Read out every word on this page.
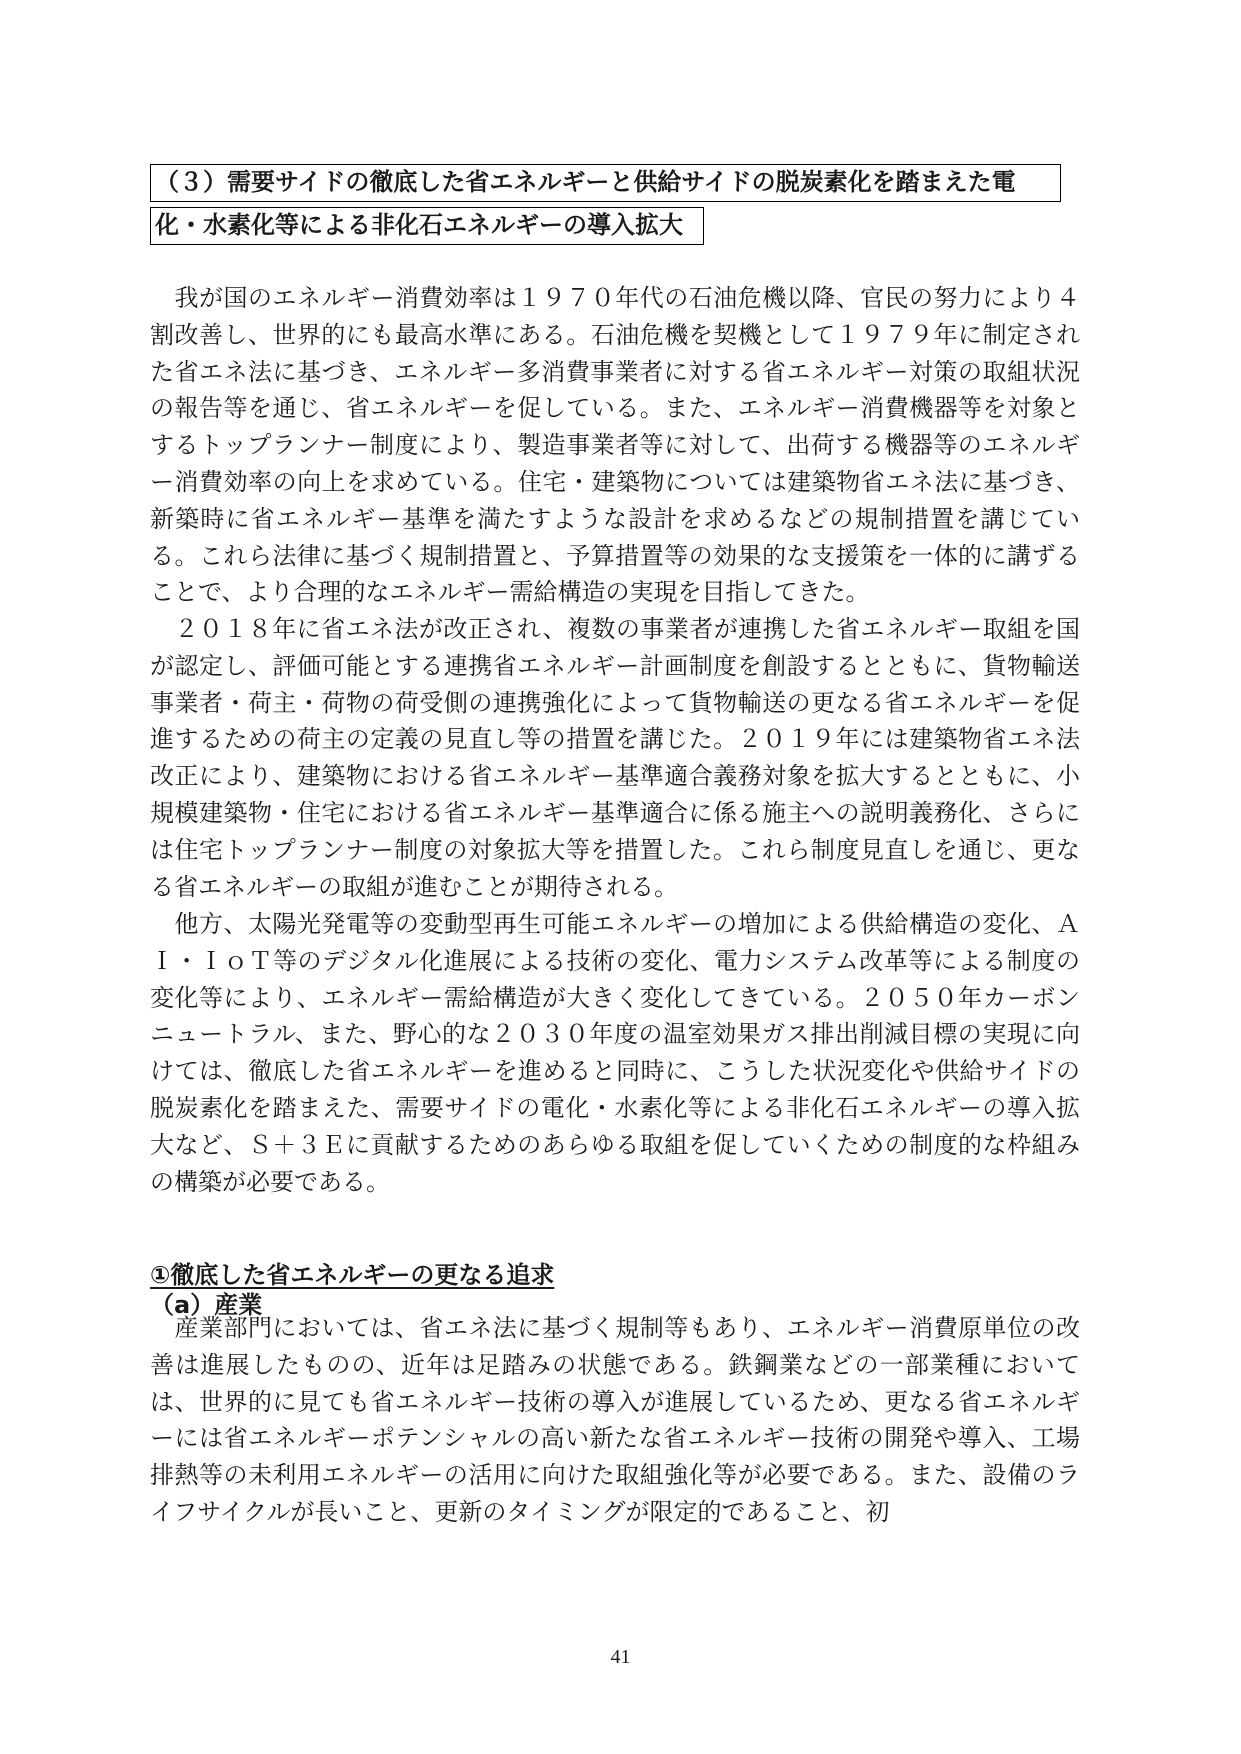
（３）需要サイドの徹底した省エネルギーと供給サイドの脱炭素化を踏まえた電
化・水素化等による非化石エネルギーの導入拡大

我が国のエネルギー消費効率は１９７０年代の石油危機以降、官民の努力により４割改善し、世界的にも最高水準にある。石油危機を契機として１９７９年に制定された省エネ法に基づき、エネルギー多消費事業者に対する省エネルギー対策の取組状況の報告等を通じ、省エネルギーを促している。また、エネルギー消費機器等を対象とするトップランナー制度により、製造事業者等に対して、出荷する機器等のエネルギー消費効率の向上を求めている。住宅・建築物については建築物省エネ法に基づき、新築時に省エネルギー基準を満たすような設計を求めるなどの規制措置を講じている。これら法律に基づく規制措置と、予算措置等の効果的な支援策を一体的に講ずることで、より合理的なエネルギー需給構造の実現を目指してきた。

２０１８年に省エネ法が改正され、複数の事業者が連携した省エネルギー取組を国が認定し、評価可能とする連携省エネルギー計画制度を創設するとともに、貨物輸送事業者・荷主・荷物の荷受側の連携強化によって貨物輸送の更なる省エネルギーを促進するための荷主の定義の見直し等の措置を講じた。２０１９年には建築物省エネ法改正により、建築物における省エネルギー基準適合義務対象を拡大するとともに、小規模建築物・住宅における省エネルギー基準適合に係る施主への説明義務化、さらには住宅トップランナー制度の対象拡大等を措置した。これら制度見直しを通じ、更なる省エネルギーの取組が進むことが期待される。

他方、太陽光発電等の変動型再生可能エネルギーの増加による供給構造の変化、ＡＩ・ＩｏＴ等のデジタル化進展による技術の変化、電力システム改革等による制度の変化等により、エネルギー需給構造が大きく変化してきている。２０５０年カーボンニュートラル、また、野心的な２０３０年度の温室効果ガス排出削減目標の実現に向けては、徹底した省エネルギーを進めると同時に、こうした状況変化や供給サイドの脱炭素化を踏まえた、需要サイドの電化・水素化等による非化石エネルギーの導入拡大など、Ｓ＋３Ｅに貢献するためのあらゆる取組を促していくための制度的な枠組みの構築が必要である。

①徹底した省エネルギーの更なる追求
（a）産業

産業部門においては、省エネ法に基づく規制等もあり、エネルギー消費原単位の改善は進展したものの、近年は足踏みの状態である。鉄鋼業などの一部業種においては、世界的に見ても省エネルギー技術の導入が進展しているため、更なる省エネルギーには省エネルギーポテンシャルの高い新たな省エネルギー技術の開発や導入、工場排熱等の未利用エネルギーの活用に向けた取組強化等が必要である。また、設備のライフサイクルが長いこと、更新のタイミングが限定的であること、初

41
